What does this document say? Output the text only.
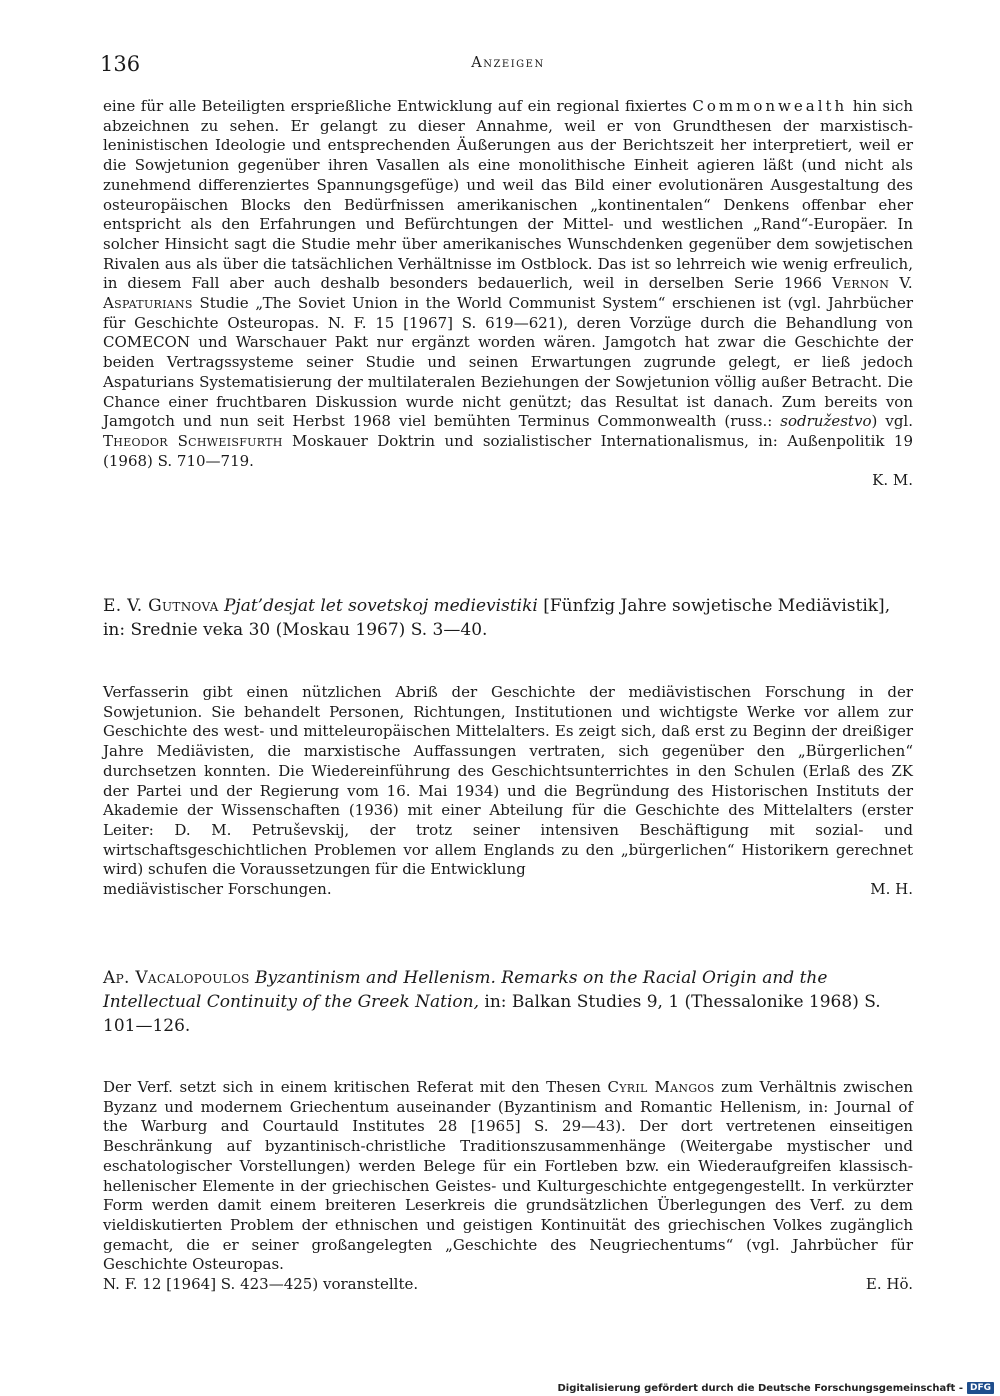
136	Anzeigen

eine für alle Beteiligten ersprießliche Entwicklung auf ein regional fixiertes Commonwealth hin sich abzeichnen zu sehen. Er gelangt zu dieser Annahme, weil er von Grundthesen der marxistisch-leninistischen Ideologie und entsprechenden Äußerungen aus der Berichtszeit her interpretiert, weil er die Sowjetunion gegenüber ihren Vasallen als eine monolithische Einheit agieren läßt (und nicht als zunehmend differenziertes Spannungsgefüge) und weil das Bild einer evolutionären Ausgestaltung des osteuropäischen Blocks den Bedürfnissen amerikanischen „kontinentalen“ Denkens offenbar eher entspricht als den Erfahrungen und Befürchtungen der Mittel- und westlichen „Rand“-Europäer. In solcher Hinsicht sagt die Studie mehr über amerikanisches Wunschdenken gegenüber dem sowjetischen Rivalen aus als über die tatsächlichen Verhältnisse im Ostblock. Das ist so lehrreich wie wenig erfreulich, in diesem Fall aber auch deshalb besonders bedauerlich, weil in derselben Serie 1966 Vernon V. Aspaturians Studie „The Soviet Union in the World Communist System“ erschienen ist (vgl. Jahrbücher für Geschichte Osteuropas. N. F. 15 [1967] S. 619—621), deren Vorzüge durch die Behandlung von COMECON und Warschauer Pakt nur ergänzt worden wären. Jamgotch hat zwar die Geschichte der beiden Vertragssysteme seiner Studie und seinen Erwartungen zugrunde gelegt, er ließ jedoch Aspaturians Systematisierung der multilateralen Beziehungen der Sowjetunion völlig außer Betracht. Die Chance einer fruchtbaren Diskussion wurde nicht genützt; das Resultat ist danach. Zum bereits von Jamgotch und nun seit Herbst 1968 viel bemühten Terminus Commonwealth (russ.: sodružestvo) vgl. Theodor Schweisfurth Moskauer Doktrin und sozialistischer Internationalismus, in: Außenpolitik 19 (1968) S. 710—719.

K. M.
E. V. Gutnova Pjat’desjat let sovetskoj medievistiki [Fünfzig Jahre sowjetische Mediävistik], in: Srednie veka 30 (Moskau 1967) S. 3—40.

Verfasserin gibt einen nützlichen Abriß der Geschichte der mediävistischen Forschung in der Sowjetunion. Sie behandelt Personen, Richtungen, Institutionen und wichtigste Werke vor allem zur Geschichte des west- und mitteleuropäischen Mittelalters. Es zeigt sich, daß erst zu Beginn der dreißiger Jahre Mediävisten, die marxistische Auffassungen vertraten, sich gegenüber den „Bürgerlichen“ durchsetzen konnten. Die Wiedereinführung des Geschichtsunterrichtes in den Schulen (Erlaß des ZK der Partei und der Regierung vom 16. Mai 1934) und die Begründung des Historischen Instituts der Akademie der Wissenschaften (1936) mit einer Abteilung für die Geschichte des Mittelalters (erster Leiter: D. M. Petruševskij, der trotz seiner intensiven Beschäftigung mit sozial- und wirtschaftsgeschichtlichen Problemen vor allem Englands zu den „bürgerlichen“ Historikern gerechnet wird) schufen die Voraussetzungen für die Entwicklung

mediävistischer Forschungen.	M. H.
Ap. Vacalopoulos Byzantinism and Hellenism. Remarks on the Racial Origin and the Intellectual Continuity of the Greek Nation, in: Balkan Studies 9, 1 (Thessalonike 1968) S. 101—126.

Der Verf. setzt sich in einem kritischen Referat mit den Thesen Cyril Mangos zum Verhältnis zwischen Byzanz und modernem Griechentum auseinander (Byzantinism and Romantic Hellenism, in: Journal of the Warburg and Courtauld Institutes 28 [1965] S. 29—43). Der dort vertretenen einseitigen Beschränkung auf byzantinisch-christliche Traditionszusammenhänge (Weitergabe mystischer und eschatologischer Vorstellungen) werden Belege für ein Fortleben bzw. ein Wiederaufgreifen klassisch-hellenischer Elemente in der griechischen Geistes- und Kulturgeschichte entgegengestellt. In verkürzter Form werden damit einem breiteren Leserkreis die grundsätzlichen Überlegungen des Verf. zu dem vieldiskutierten Problem der ethnischen und geistigen Kontinuität des griechischen Volkes zugänglich gemacht, die er seiner großangelegten „Geschichte des Neugriechentums“ (vgl. Jahrbücher für Geschichte Osteuropas.

N. F. 12 [1964] S. 423—425) voranstellte.	E. Hö.
Digitalisierung gefördert durch die Deutsche Forschungsgemeinschaft - DFG
